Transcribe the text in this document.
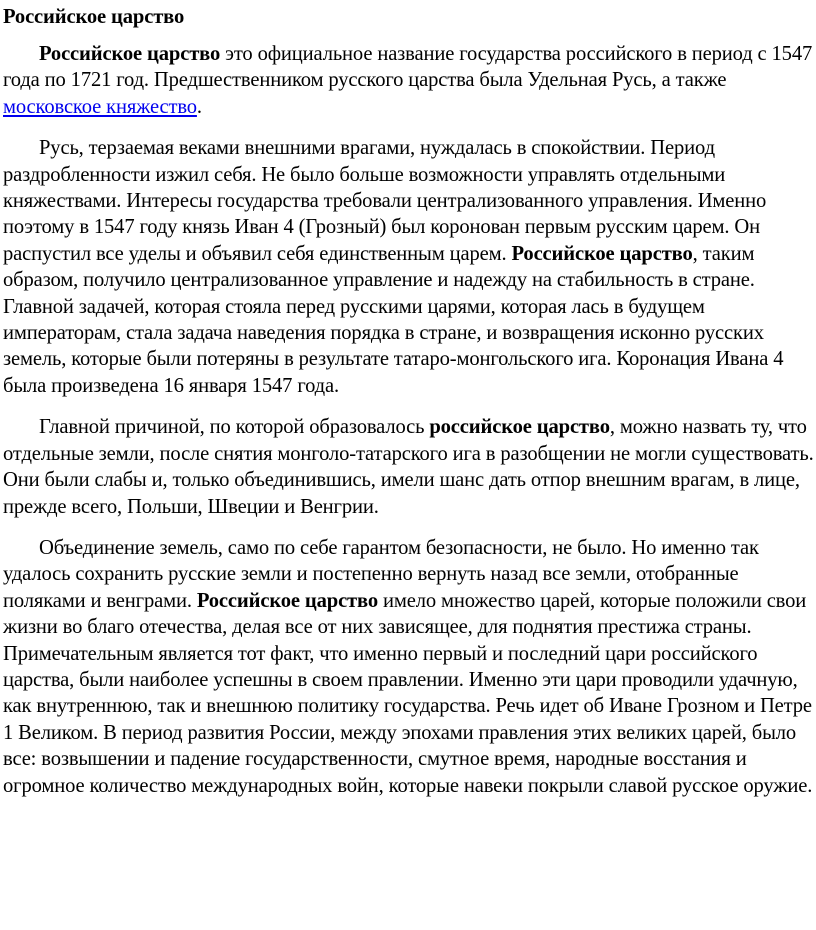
Российское царство

Российское царство это официальное название государства российского в период с 1547 года по 1721 год. Предшественником русского царства была Удельная Русь, а также московское княжество.

Русь, терзаемая веками внешними врагами, нуждалась в спокойствии. Период раздробленности изжил себя. Не было больше возможности управлять отдельными княжествами. Интересы государства требовали централизованного управления. Именно поэтому в 1547 году князь Иван 4 (Грозный) был коронован первым русским царем. Он распустил все уделы и объявил себя единственным царем. Российское царство, таким образом, получило централизованное управление и надежду на стабильность в стране. Главной задачей, которая стояла перед русскими царями, которая лась в будущем императорам, стала задача наведения порядка в стране, и возвращения исконно русских земель, которые были потеряны в результате татаро-монгольского ига. Коронация Ивана 4 была произведена 16 января 1547 года.

Главной причиной, по которой образовалось российское царство, можно назвать ту, что отдельные земли, после снятия монголо-татарского ига в разобщении не могли существовать. Они были слабы и, только объединившись, имели шанс дать отпор внешним врагам, в лице, прежде всего, Польши, Швеции и Венгрии.

Объединение земель, само по себе гарантом безопасности, не было. Но именно так удалось сохранить русские земли и постепенно вернуть назад все земли, отобранные поляками и венграми. Российское царство имело множество царей, которые положили свои жизни во благо отечества, делая все от них зависящее, для поднятия престижа страны. Примечательным является тот факт, что именно первый и последний цари российского царства, были наиболее успешны в своем правлении. Именно эти цари проводили удачную, как внутреннюю, так и внешнюю политику государства. Речь идет об Иване Грозном и Петре 1 Великом. В период развития России, между эпохами правления этих великих царей, было все: возвышении и падение государственности, смутное время, народные восстания и огромное количество международных войн, которые навеки покрыли славой русское оружие.
